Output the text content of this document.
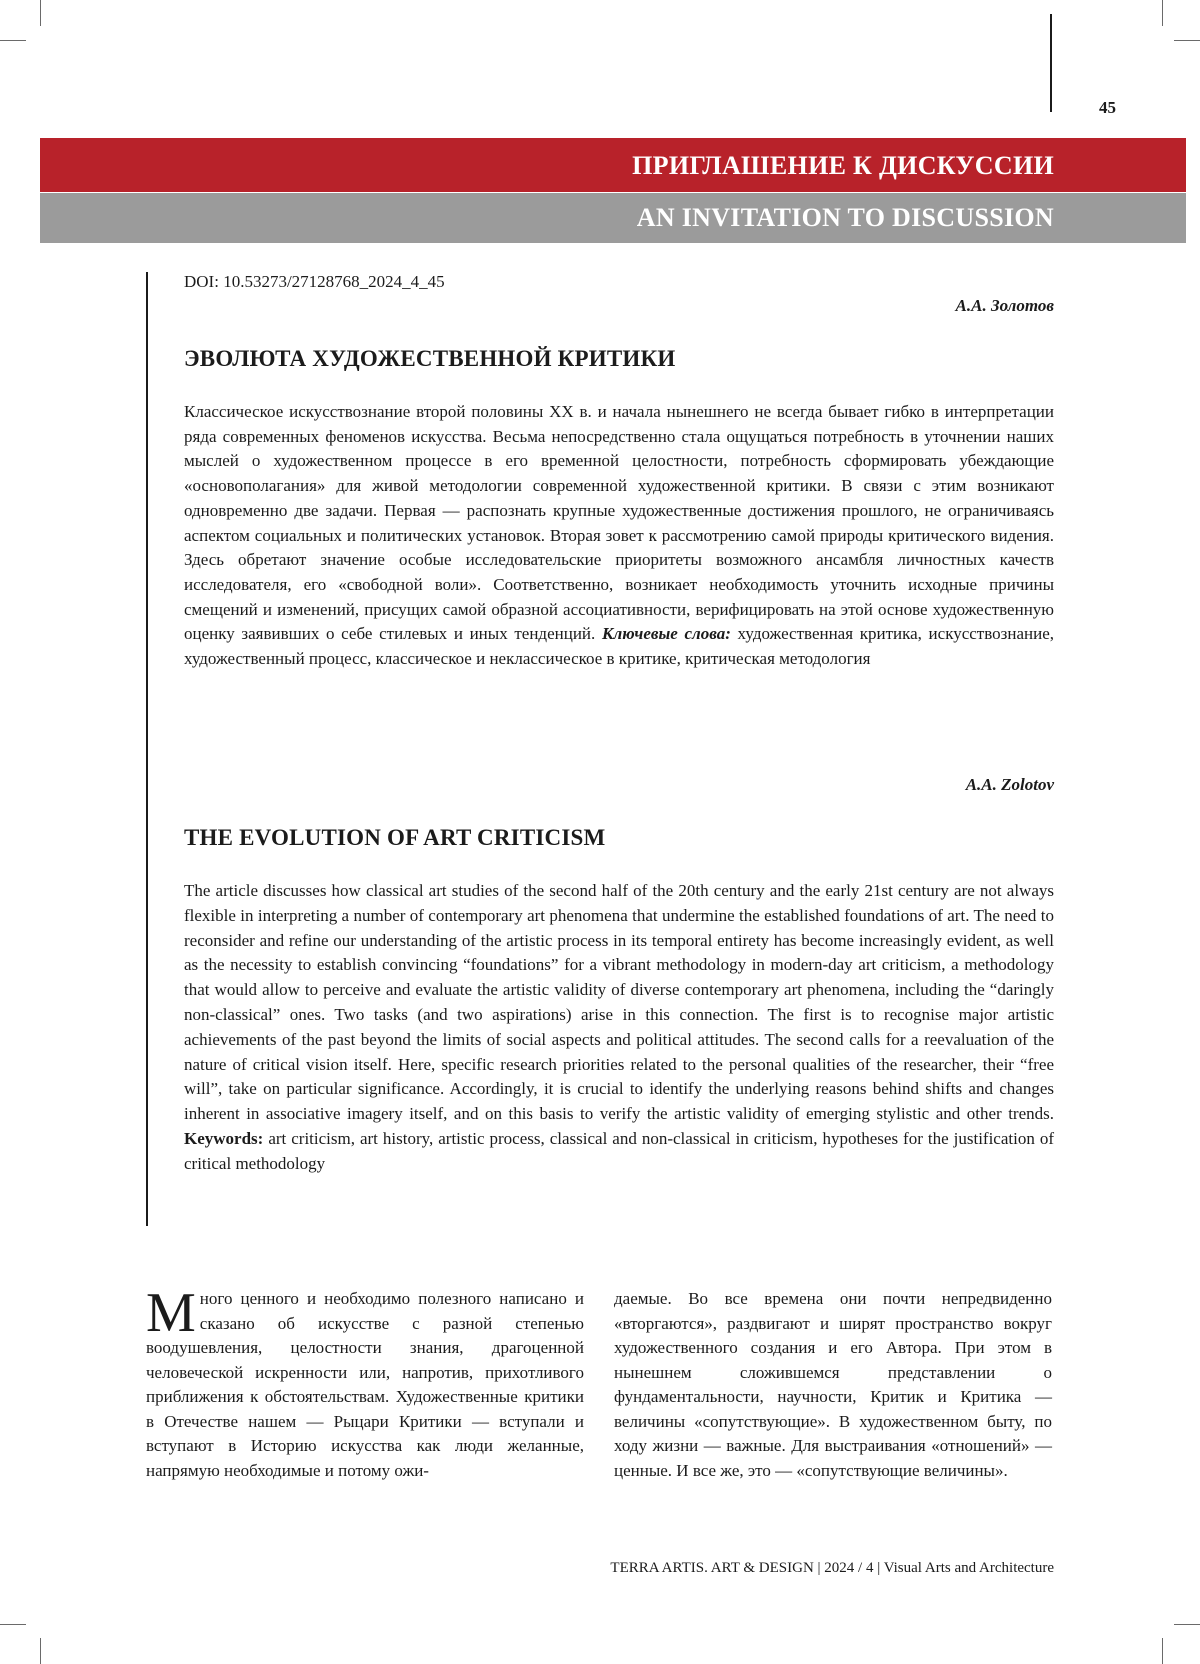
45
ПРИГЛАШЕНИЕ К ДИСКУССИИ
AN INVITATION TO DISCUSSION
DOI: 10.53273/27128768_2024_4_45
А.А. Золотов
ЭВОЛЮТА ХУДОЖЕСТВЕННОЙ КРИТИКИ

Классическое искусствознание второй половины XX в. и начала нынешнего не всегда бывает гибко в интерпретации ряда современных феноменов искусства. Весьма непосредственно стала ощущаться потребность в уточнении наших мыслей о художественном процессе в его временной целостности, потребность сформировать убеждающие «основополагания» для живой методологии современной художественной критики. В связи с этим возникают одновременно две задачи. Первая — распознать крупные художественные достижения прошлого, не ограничиваясь аспектом социальных и политических установок. Вторая зовет к рассмотрению самой природы критического видения. Здесь обретают значение особые исследовательские приоритеты возможного ансамбля личностных качеств исследователя, его «свободной воли». Соответственно, возникает необходимость уточнить исходные причины смещений и изменений, присущих самой образной ассоциативности, верифицировать на этой основе художественную оценку заявивших о себе стилевых и иных тенденций. Ключевые слова: художественная критика, искусствознание, художественный процесс, классическое и неклассическое в критике, критическая методология

A.A. Zolotov
THE EVOLUTION OF ART CRITICISM

The article discusses how classical art studies of the second half of the 20th century and the early 21st century are not always flexible in interpreting a number of contemporary art phenomena that undermine the established foundations of art. The need to reconsider and refine our understanding of the artistic process in its temporal entirety has become increasingly evident, as well as the necessity to establish convincing “foundations” for a vibrant methodology in modern-day art criticism, a methodology that would allow to perceive and evaluate the artistic validity of diverse contemporary art phenomena, including the “daringly non-classical” ones. Two tasks (and two aspirations) arise in this connection. The first is to recognise major artistic achievements of the past beyond the limits of social aspects and political attitudes. The second calls for a reevaluation of the nature of critical vision itself. Here, specific research priorities related to the personal qualities of the researcher, their “free will”, take on particular significance. Accordingly, it is crucial to identify the underlying reasons behind shifts and changes inherent in associative imagery itself, and on this basis to verify the artistic validity of emerging stylistic and other trends. Keywords: art criticism, art history, artistic process, classical and non-classical in criticism, hypotheses for the justification of critical methodology

Много ценного и необходимо полезного написано и сказано об искусстве с разной степенью воодушевления, целостности знания, драгоценной человеческой искренности или, напротив, прихотливого приближения к обстоятельствам. Художественные критики в Отечестве нашем — Рыцари Критики — вступали и вступают в Историю искусства как люди желанные, напрямую необходимые и потому ожи-

даемые. Во все времена они почти непредвиденно «вторгаются», раздвигают и ширят пространство вокруг художественного создания и его Автора. При этом в нынешнем сложившемся представлении о фундаментальности, научности, Критик и Критика — величины «сопутствующие». В художественном быту, по ходу жизни — важные. Для выстраивания «отношений» — ценные. И все же, это — «сопутствующие величины».

TERRA ARTIS. ART & DESIGN | 2024 / 4 | Visual Arts and Architecture
